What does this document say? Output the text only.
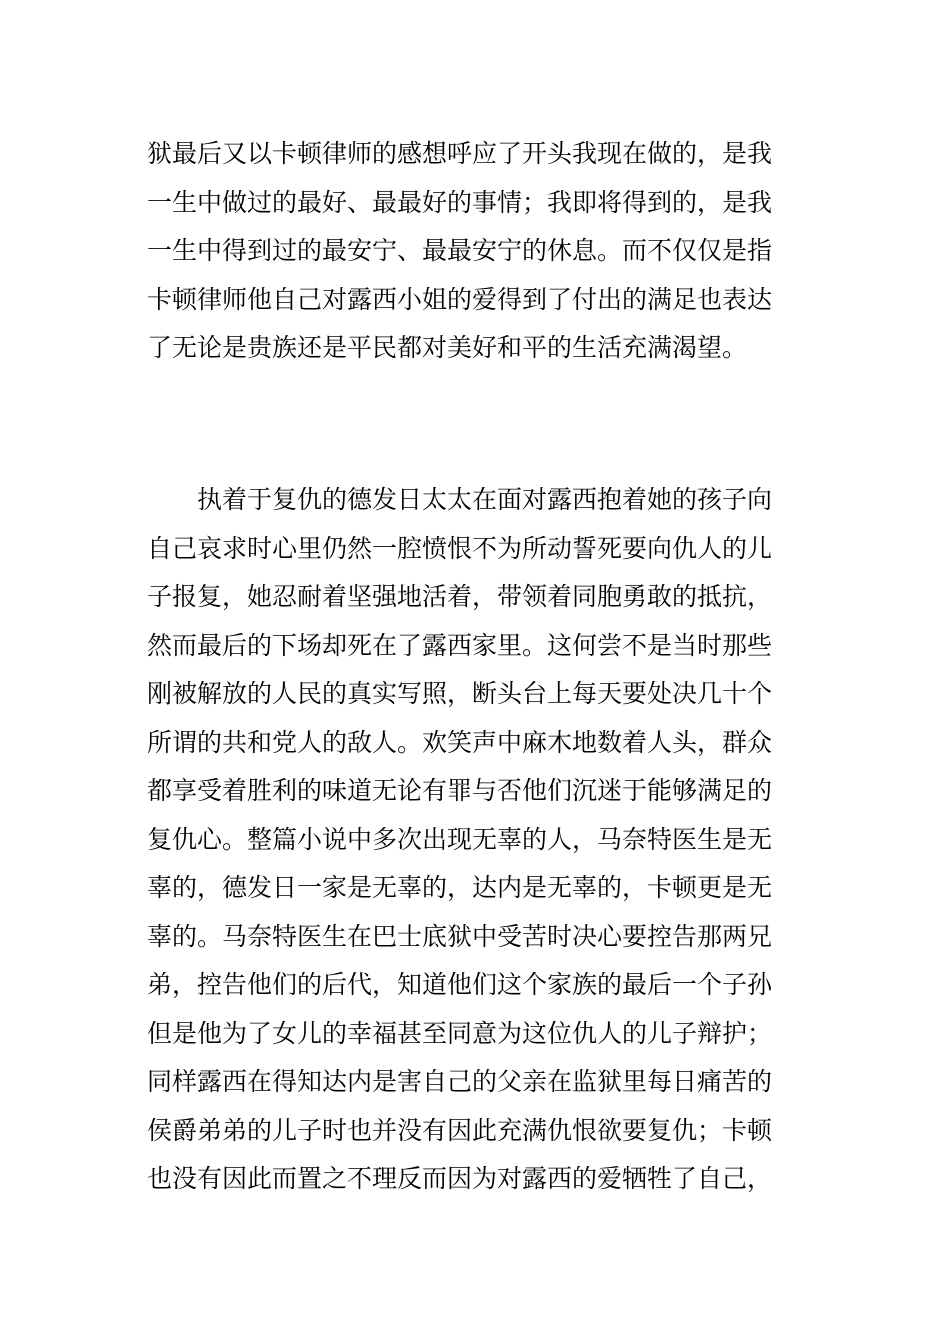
狱最后又以卡顿律师的感想呼应了开头我现在做的，是我
一生中做过的最好、最最好的事情；我即将得到的，是我
一生中得到过的最安宁、最最安宁的休息。而不仅仅是指
卡顿律师他自己对露西小姐的爱得到了付出的满足也表达
了无论是贵族还是平民都对美好和平的生活充满渴望。
　　执着于复仇的德发日太太在面对露西抱着她的孩子向
自己哀求时心里仍然一腔愤恨不为所动誓死要向仇人的儿
子报复，她忍耐着坚强地活着，带领着同胞勇敢的抵抗，
然而最后的下场却死在了露西家里。这何尝不是当时那些
刚被解放的人民的真实写照，断头台上每天要处决几十个
所谓的共和党人的敌人。欢笑声中麻木地数着人头，群众
都享受着胜利的味道无论有罪与否他们沉迷于能够满足的
复仇心。整篇小说中多次出现无辜的人，马奈特医生是无
辜的，德发日一家是无辜的，达内是无辜的，卡顿更是无
辜的。马奈特医生在巴士底狱中受苦时决心要控告那两兄
弟，控告他们的后代，知道他们这个家族的最后一个子孙
但是他为了女儿的幸福甚至同意为这位仇人的儿子辩护；
同样露西在得知达内是害自己的父亲在监狱里每日痛苦的
侯爵弟弟的儿子时也并没有因此充满仇恨欲要复仇；卡顿
也没有因此而置之不理反而因为对露西的爱牺牲了自己，
